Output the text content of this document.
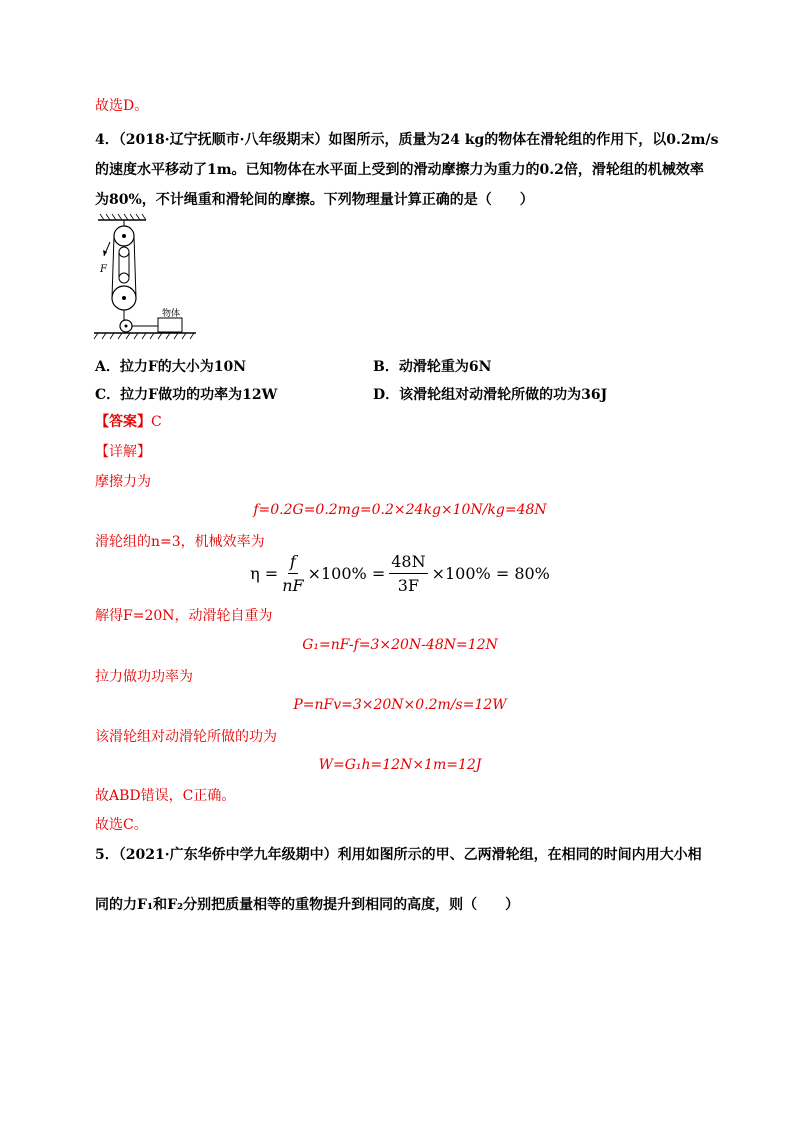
故选D。
4．（2018·辽宁抚顺市·八年级期末）如图所示，质量为24 kg的物体在滑轮组的作用下，以0.2m/s
的速度水平移动了1m。已知物体在水平面上受到的滑动摩擦力为重力的0.2倍，滑轮组的机械效率
为80%，不计绳重和滑轮间的摩擦。下列物理量计算正确的是（　　）
F
物体
A．拉力F的大小为10N	B．动滑轮重为6N
C．拉力F做功的功率为12W	D．该滑轮组对动滑轮所做的功为36J
【答案】C
【详解】
摩擦力为
f=0.2G=0.2mg=0.2×24kg×10N/kg=48N
滑轮组的n=3，机械效率为
$\eta = \frac{f}{nF} \times 100\% = \frac{48N}{3F} \times 100\% = 80\%$
解得F=20N，动滑轮自重为
G₁=nF-f=3×20N-48N=12N
拉力做功功率为
P=nFv=3×20N×0.2m/s=12W
该滑轮组对动滑轮所做的功为
W=G₁h=12N×1m=12J
故ABD错误，C正确。
故选C。
5．（2021·广东华侨中学九年级期中）利用如图所示的甲、乙两滑轮组，在相同的时间内用大小相
同的力F₁和F₂分别把质量相等的重物提升到相同的高度，则（　　）
